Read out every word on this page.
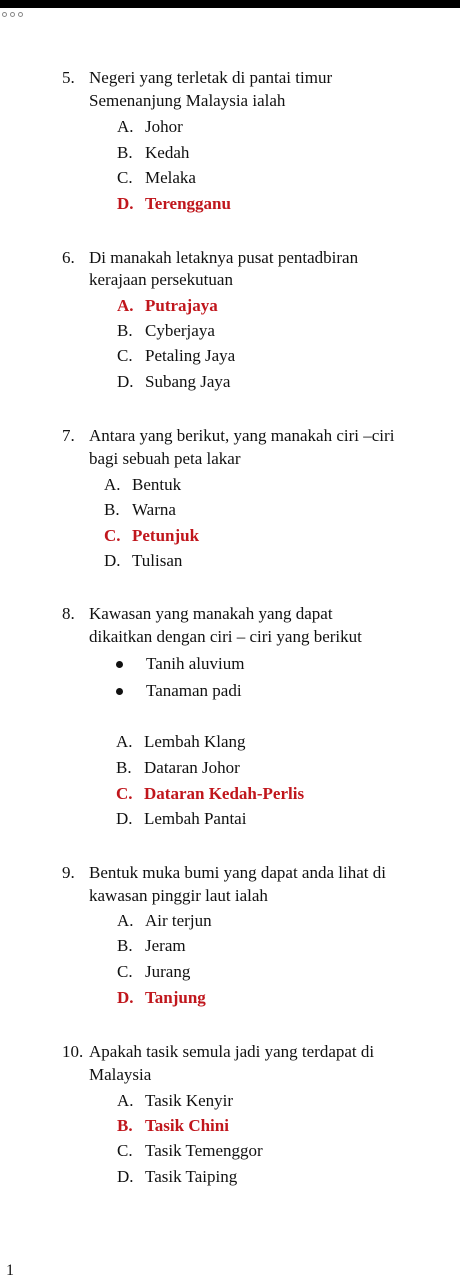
5. Negeri yang terletak di pantai timur
Semenanjung Malaysia ialah
A. Johor
B. Kedah
C. Melaka
D. Terengganu
6. Di manakah letaknya pusat pentadbiran
kerajaan persekutuan
A. Putrajaya
B. Cyberjaya
C. Petaling Jaya
D. Subang Jaya
7. Antara yang berikut, yang manakah ciri –ciri
bagi sebuah peta lakar
A. Bentuk
B. Warna
C. Petunjuk
D. Tulisan
8. Kawasan yang manakah yang dapat
dikaitkan dengan ciri – ciri yang berikut
Tanih aluvium
Tanaman padi
A. Lembah Klang
B. Dataran Johor
C. Dataran Kedah-Perlis
D. Lembah Pantai
9. Bentuk muka bumi yang dapat anda lihat di
kawasan pinggir laut ialah
A. Air terjun
B. Jeram
C. Jurang
D. Tanjung
10. Apakah tasik semula jadi yang terdapat di
Malaysia
A. Tasik Kenyir
B. Tasik Chini
C. Tasik Temenggor
D. Tasik Taiping
1
